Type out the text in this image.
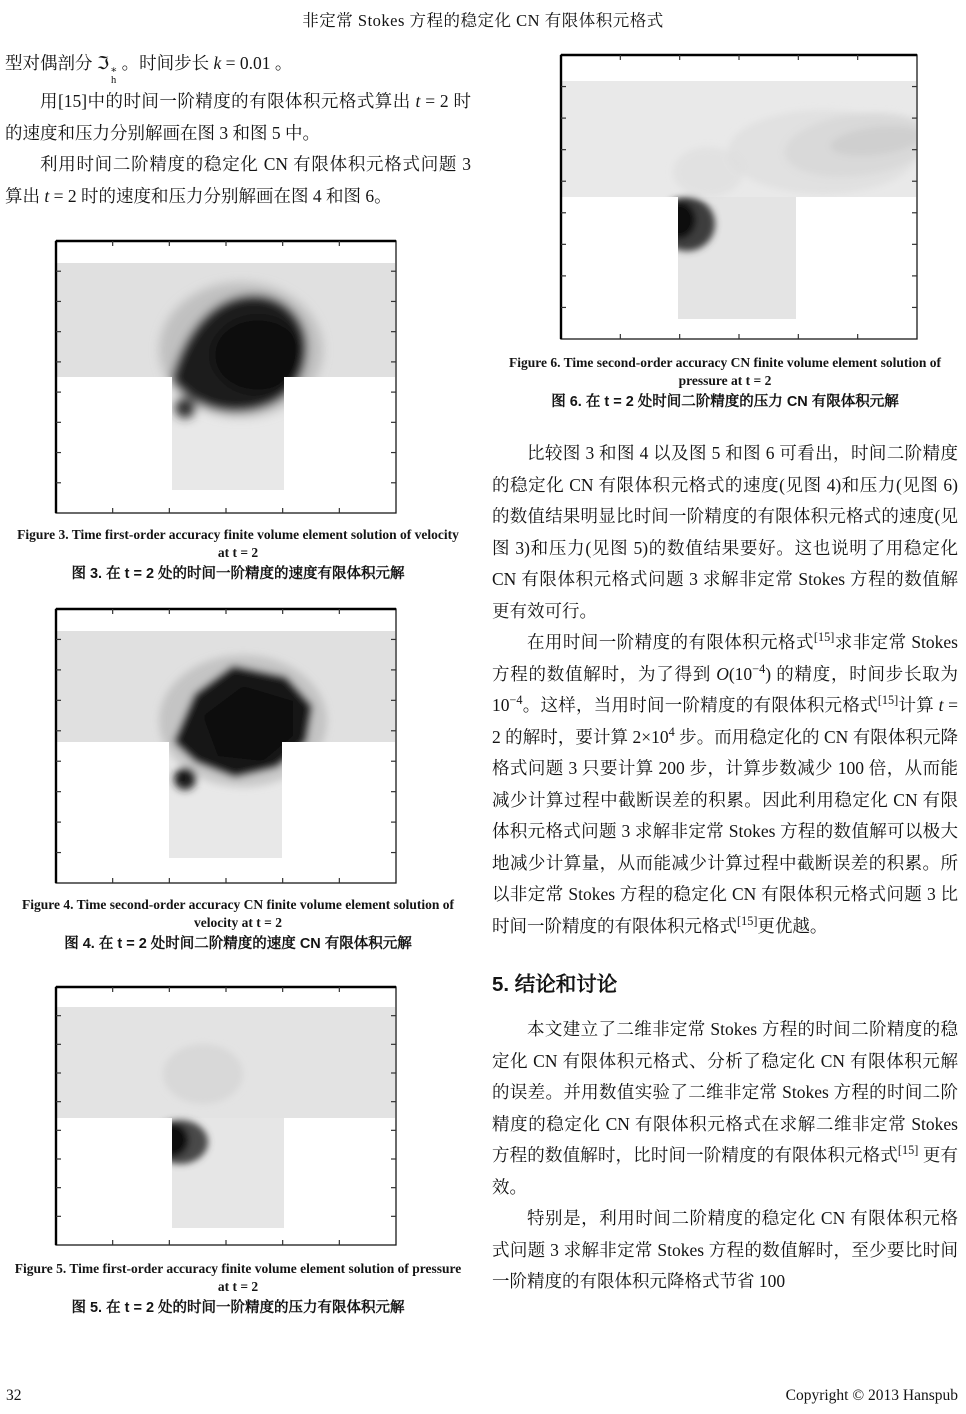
非定常 Stokes 方程的稳定化 CN 有限体积元格式

型对偶剖分 ℑ ∗
h
。时间步长 k = 0.01 。

用[15]中的时间一阶精度的有限体积元格式算出 t = 2 时的速度和压力分别解画在图 3 和图 5 中。

利用时间二阶精度的稳定化 CN 有限体积元格式问题 3 算出 t = 2 时的速度和压力分别解画在图 4 和图 6。

Figure 3. Time first-order accuracy finite volume element solution of velocity at t = 2
图 3. 在 t = 2 处的时间一阶精度的速度有限体积元解
Figure 4. Time second-order accuracy CN finite volume element solution of velocity at t = 2
图 4. 在 t = 2 处时间二阶精度的速度 CN 有限体积元解
Figure 5. Time first-order accuracy finite volume element solution of pressure at t = 2
图 5. 在 t = 2 处的时间一阶精度的压力有限体积元解
Figure 6. Time second-order accuracy CN finite volume element solution of pressure at t = 2
图 6. 在 t = 2 处时间二阶精度的压力 CN 有限体积元解

比较图 3 和图 4 以及图 5 和图 6 可看出，时间二阶精度的稳定化 CN 有限体积元格式的速度(见图 4)和压力(见图 6)的数值结果明显比时间一阶精度的有限体积元格式的速度(见图 3)和压力(见图 5)的数值结果要好。这也说明了用稳定化 CN 有限体积元格式问题 3 求解非定常 Stokes 方程的数值解更有效可行。

在用时间一阶精度的有限体积元格式[15]求非定常 Stokes 方程的数值解时，为了得到 $O(10^{-4})$ 的精度，时间步长取为$10^{-4}$。这样，当用时间一阶精度的有限体积元格式[15]计算 t = 2 的解时，要计算 $2\times 10^4$ 步。而用稳定化的 CN 有限体积元降格式问题 3 只要计算 200 步，计算步数减少 100 倍，从而能减少计算过程中截断误差的积累。因此利用稳定化 CN 有限体积元格式问题 3 求解非定常 Stokes 方程的数值解可以极大地减少计算量，从而能减少计算过程中截断误差的积累。所以非定常 Stokes 方程的稳定化 CN 有限体积元格式问题 3 比时间一阶精度的有限体积元格式[15]更优越。

5. 结论和讨论

本文建立了二维非定常 Stokes 方程的时间二阶精度的稳定化 CN 有限体积元格式、分析了稳定化 CN 有限体积元解的误差。并用数值实验了二维非定常 Stokes 方程的时间二阶精度的稳定化 CN 有限体积元格式在求解二维非定常 Stokes 方程的数值解时，比时间一阶精度的有限体积元格式[15] 更有效。

特别是，利用时间二阶精度的稳定化 CN 有限体积元格式问题 3 求解非定常 Stokes 方程的数值解时，至少要比时间一阶精度的有限体积元降格式节省 100

32	Copyright © 2013 Hanspub
